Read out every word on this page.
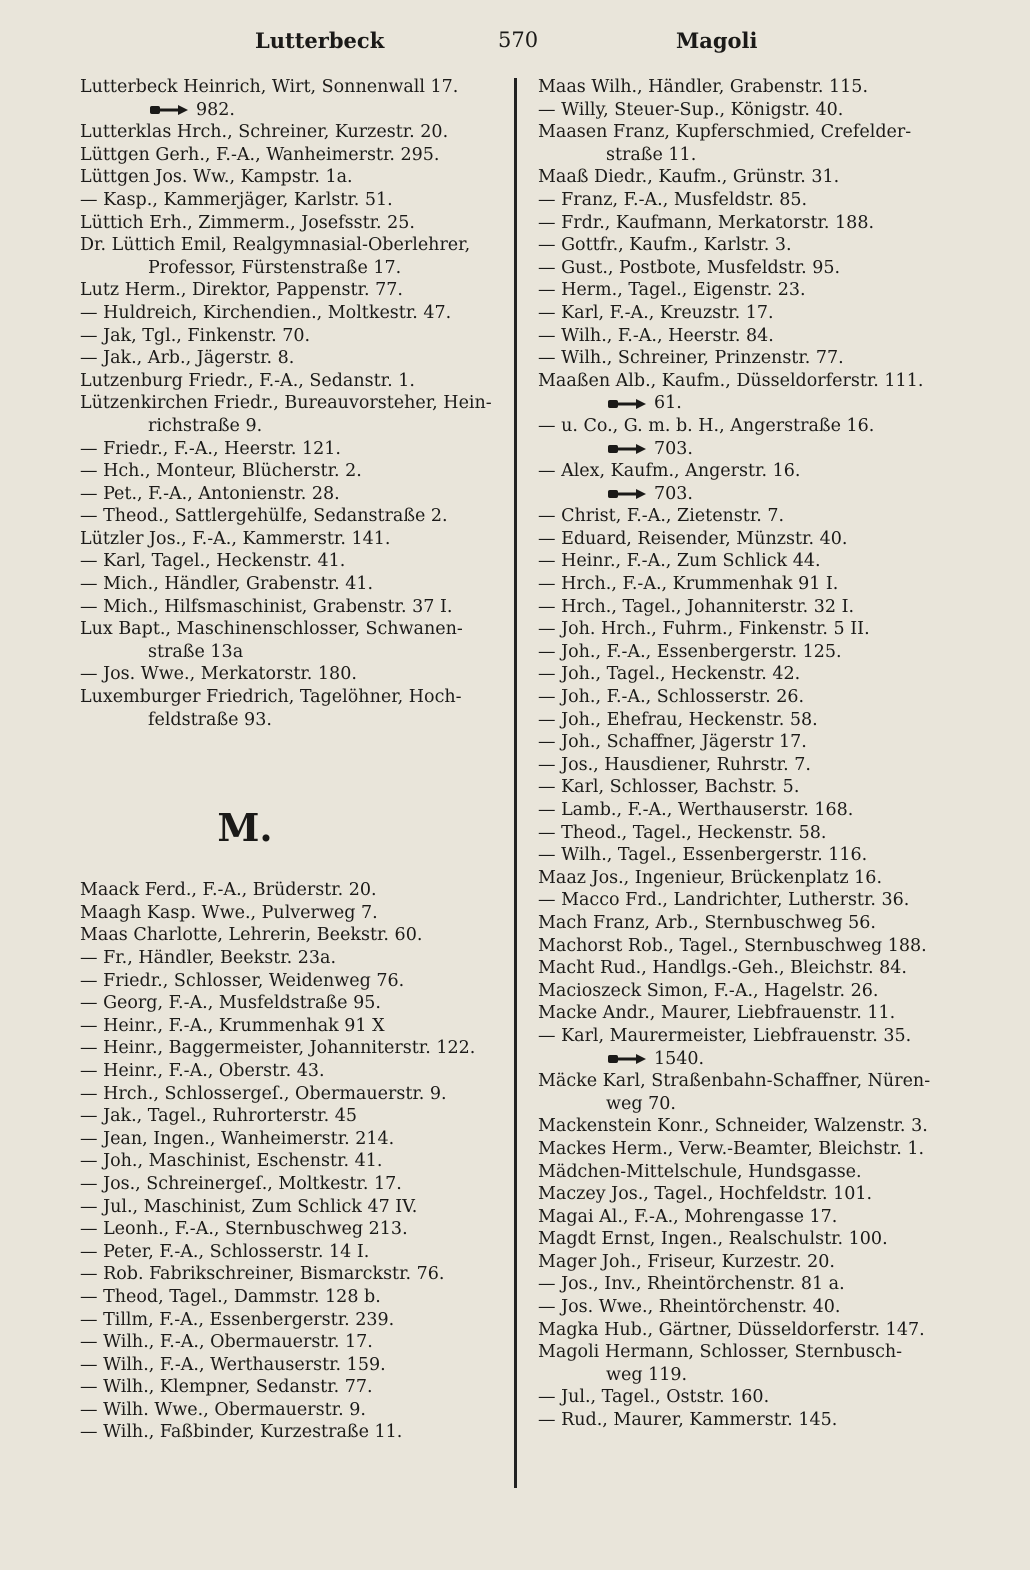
Lutterbeck	570	Magoli
Lutterbeck Heinrich, Wirt, Sonnenwall 17.
982.
Lutterklas Hrch., Schreiner, Kurzestr. 20.
Lüttgen Gerh., F.-A., Wanheimerstr. 295.
Lüttgen Jos. Ww., Kampstr. 1a.
— Kasp., Kammerjäger, Karlstr. 51.
Lüttich Erh., Zimmerm., Josefsstr. 25.
Dr. Lüttich Emil, Realgymnasial-Oberlehrer,
Professor, Fürstenstraße 17.
Lutz Herm., Direktor, Pappenstr. 77.
— Huldreich, Kirchendien., Moltkestr. 47.
— Jak, Tgl., Finkenstr. 70.
— Jak., Arb., Jägerstr. 8.
Lutzenburg Friedr., F.-A., Sedanstr. 1.
Lützenkirchen Friedr., Bureauvorsteher, Hein-
richstraße 9.
— Friedr., F.-A., Heerstr. 121.
— Hch., Monteur, Blücherstr. 2.
— Pet., F.-A., Antonienstr. 28.
— Theod., Sattlergehülfe, Sedanstraße 2.
Lützler Jos., F.-A., Kammerstr. 141.
— Karl, Tagel., Heckenstr. 41.
— Mich., Händler, Grabenstr. 41.
— Mich., Hilfsmaschinist, Grabenstr. 37 I.
Lux Bapt., Maschinenschlosser, Schwanen-
straße 13a
— Jos. Wwe., Merkatorstr. 180.
Luxemburger Friedrich, Tagelöhner, Hoch-
feldstraße 93.
M.
Maack Ferd., F.-A., Brüderstr. 20.
Maagh Kasp. Wwe., Pulverweg 7.
Maas Charlotte, Lehrerin, Beekstr. 60.
— Fr., Händler, Beekstr. 23a.
— Friedr., Schlosser, Weidenweg 76.
— Georg, F.-A., Musfeldstraße 95.
— Heinr., F.-A., Krummenhak 91 X
— Heinr., Baggermeister, Johanniterstr. 122.
— Heinr., F.-A., Oberstr. 43.
— Hrch., Schlossergeſ., Obermauerstr. 9.
— Jak., Tagel., Ruhrorterstr. 45
— Jean, Ingen., Wanheimerstr. 214.
— Joh., Maschinist, Eschenstr. 41.
— Jos., Schreinergeſ., Moltkestr. 17.
— Jul., Maschinist, Zum Schlick 47 IV.
— Leonh., F.-A., Sternbuschweg 213.
— Peter, F.-A., Schlosserstr. 14 I.
— Rob. Fabrikschreiner, Bismarckstr. 76.
— Theod, Tagel., Dammstr. 128 b.
— Tillm, F.-A., Essenbergerstr. 239.
— Wilh., F.-A., Obermauerstr. 17.
— Wilh., F.-A., Werthauserstr. 159.
— Wilh., Klempner, Sedanstr. 77.
— Wilh. Wwe., Obermauerstr. 9.
— Wilh., Faßbinder, Kurzestraße 11.
Maas Wilh., Händler, Grabenstr. 115.
— Willy, Steuer-Sup., Königstr. 40.
Maasen Franz, Kupferschmied, Crefelder-
straße 11.
Maaß Diedr., Kaufm., Grünstr. 31.
— Franz, F.-A., Musfeldstr. 85.
— Frdr., Kaufmann, Merkatorstr. 188.
— Gottfr., Kaufm., Karlstr. 3.
— Gust., Postbote, Musfeldstr. 95.
— Herm., Tagel., Eigenstr. 23.
— Karl, F.-A., Kreuzstr. 17.
— Wilh., F.-A., Heerstr. 84.
— Wilh., Schreiner, Prinzenstr. 77.
Maaßen Alb., Kaufm., Düsseldorferstr. 111.
61.
— u. Co., G. m. b. H., Angerstraße 16.
703.
— Alex, Kaufm., Angerstr. 16.
703.
— Christ, F.-A., Zietenstr. 7.
— Eduard, Reisender, Münzstr. 40.
— Heinr., F.-A., Zum Schlick 44.
— Hrch., F.-A., Krummenhak 91 I.
— Hrch., Tagel., Johanniterstr. 32 I.
— Joh. Hrch., Fuhrm., Finkenstr. 5 II.
— Joh., F.-A., Essenbergerstr. 125.
— Joh., Tagel., Heckenstr. 42.
— Joh., F.-A., Schlosserstr. 26.
— Joh., Ehefrau, Heckenstr. 58.
— Joh., Schaffner, Jägerstr 17.
— Jos., Hausdiener, Ruhrstr. 7.
— Karl, Schlosser, Bachstr. 5.
— Lamb., F.-A., Werthauserstr. 168.
— Theod., Tagel., Heckenstr. 58.
— Wilh., Tagel., Essenbergerstr. 116.
Maaz Jos., Ingenieur, Brückenplatz 16.
— Macco Frd., Landrichter, Lutherstr. 36.
Mach Franz, Arb., Sternbuschweg 56.
Machorst Rob., Tagel., Sternbuschweg 188.
Macht Rud., Handlgs.-Geh., Bleichstr. 84.
Macioszeck Simon, F.-A., Hagelstr. 26.
Macke Andr., Maurer, Liebfrauenstr. 11.
— Karl, Maurermeister, Liebfrauenstr. 35.
1540.
Mäcke Karl, Straßenbahn-Schaffner, Nüren-
weg 70.
Mackenstein Konr., Schneider, Walzenstr. 3.
Mackes Herm., Verw.-Beamter, Bleichstr. 1.
Mädchen-Mittelschule, Hundsgasse.
Maczey Jos., Tagel., Hochfeldstr. 101.
Magai Al., F.-A., Mohrengasse 17.
Magdt Ernst, Ingen., Realschulstr. 100.
Mager Joh., Friseur, Kurzestr. 20.
— Jos., Inv., Rheintörchenstr. 81 a.
— Jos. Wwe., Rheintörchenstr. 40.
Magka Hub., Gärtner, Düsseldorferstr. 147.
Magoli Hermann, Schlosser, Sternbusch-
weg 119.
— Jul., Tagel., Oststr. 160.
— Rud., Maurer, Kammerstr. 145.
